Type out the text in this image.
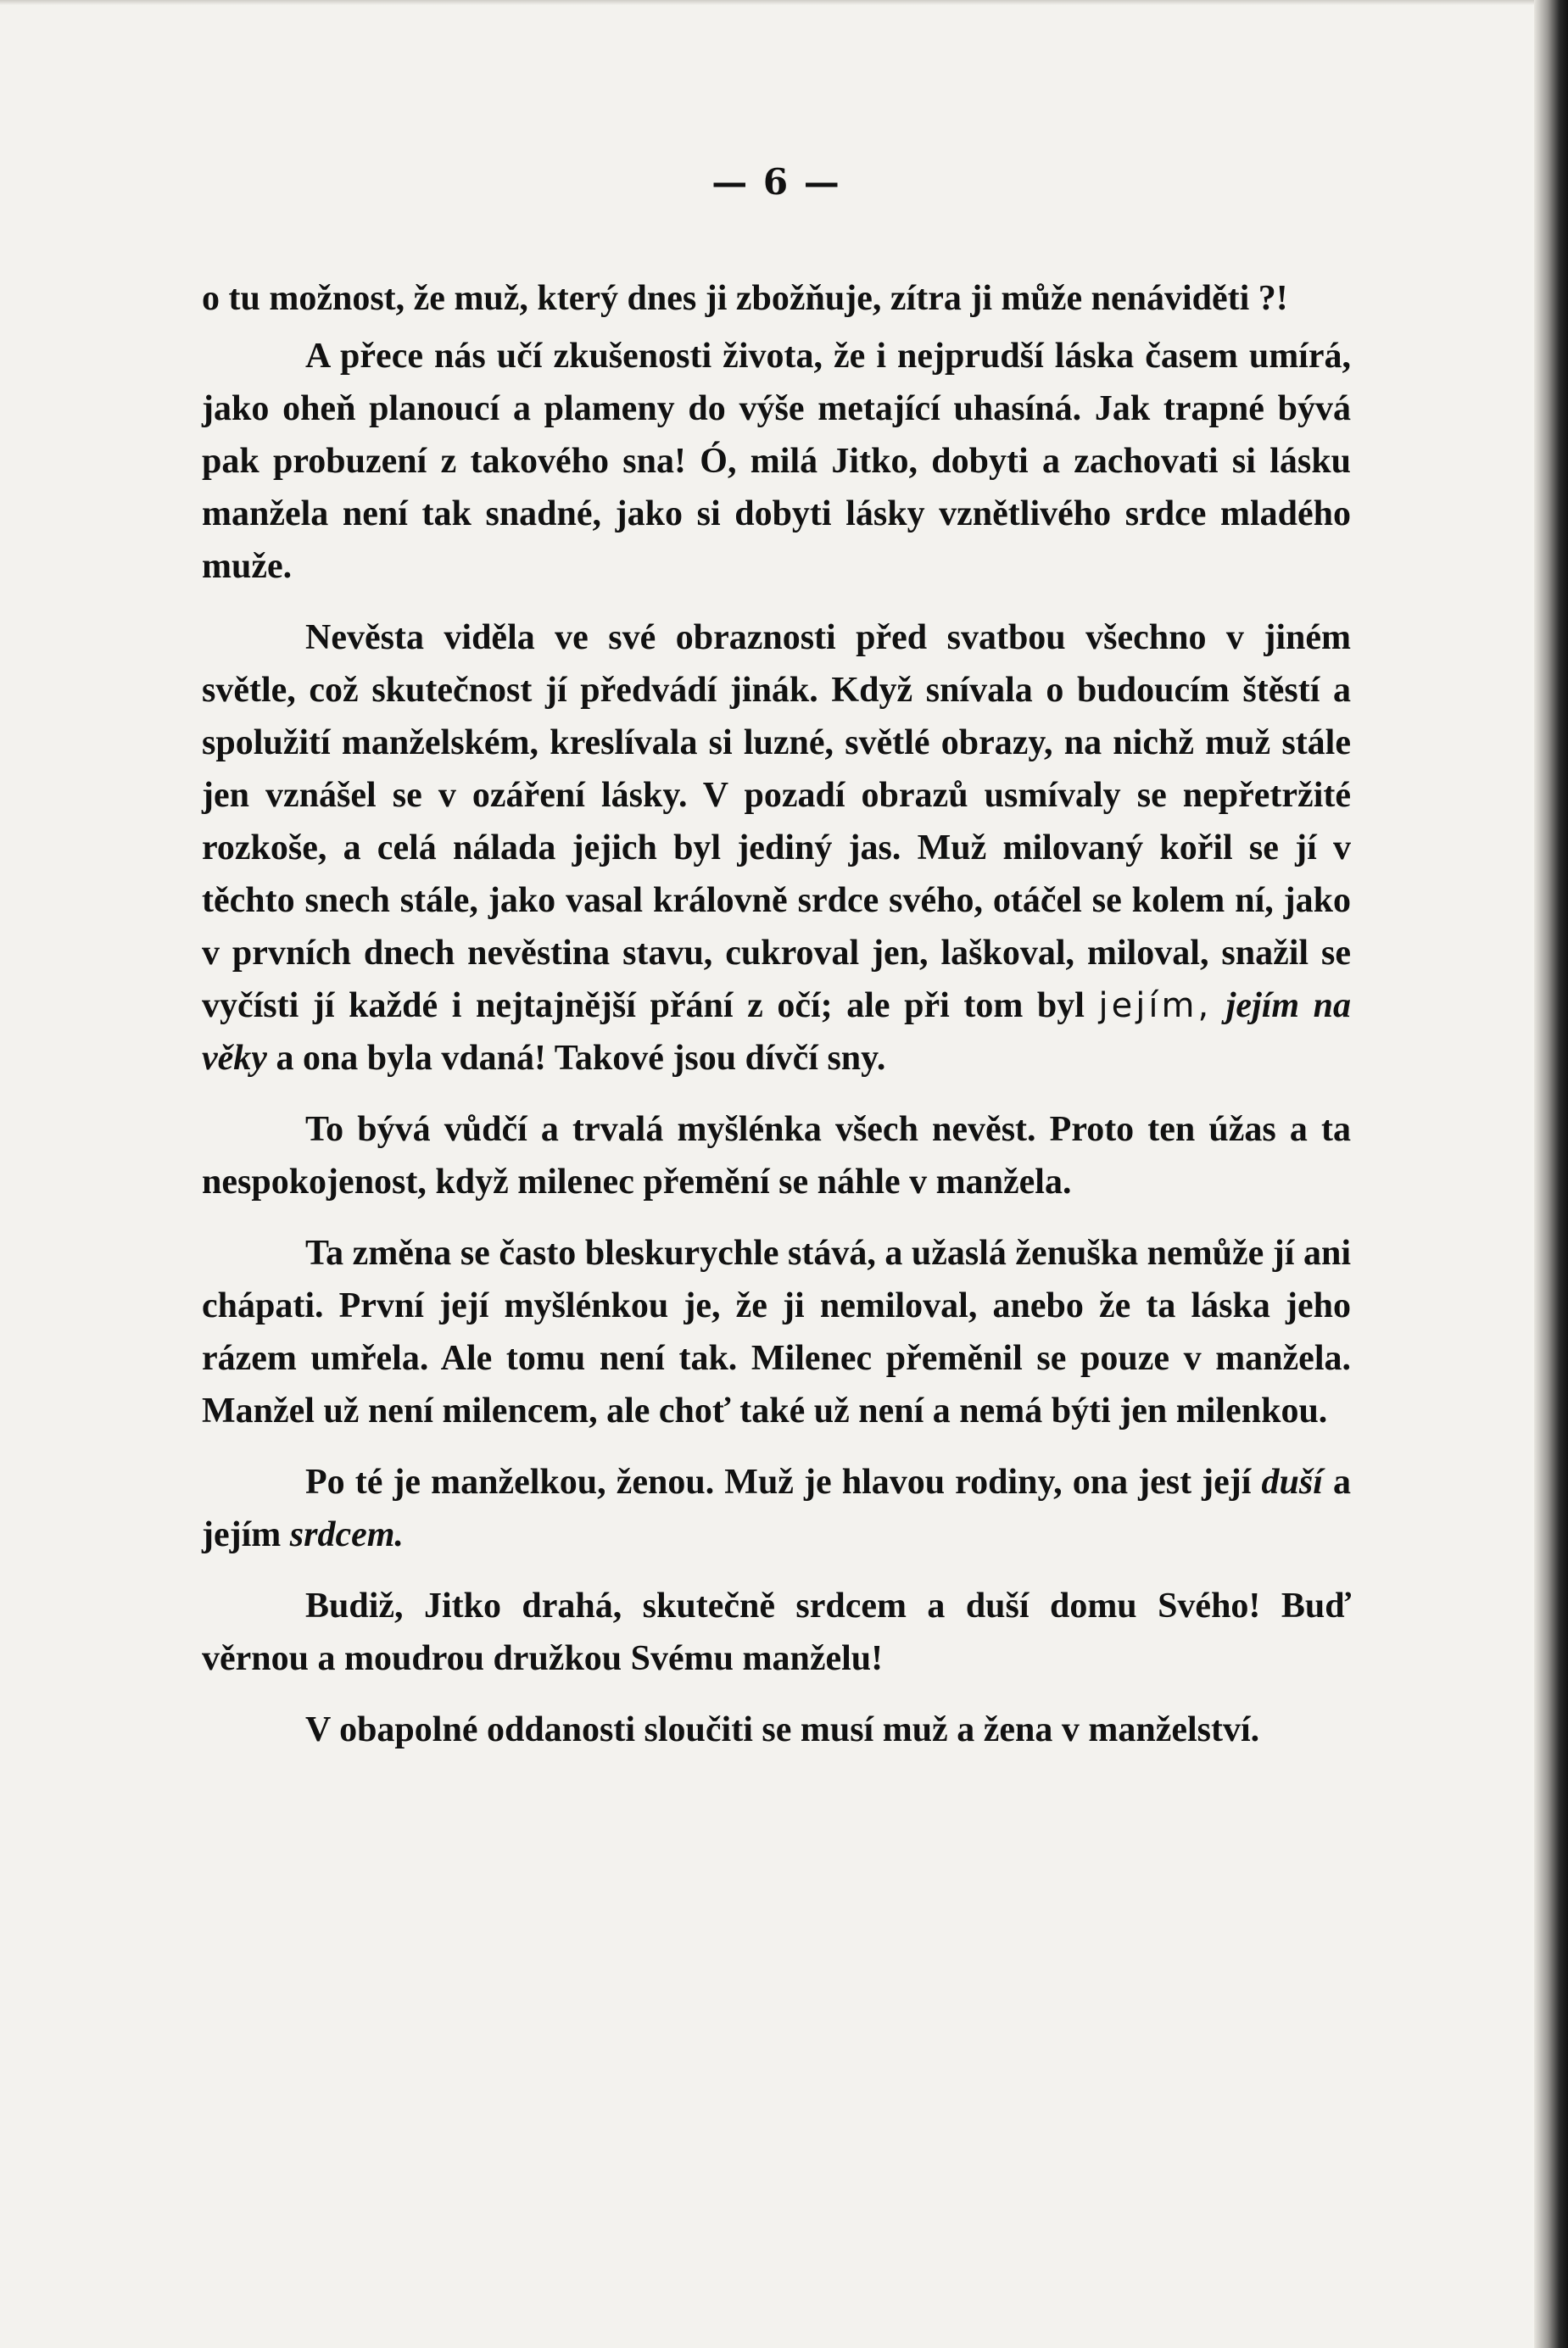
— 6 —

o tu možnost, že muž, který dnes ji zbožňuje, zítra ji může nenáviděti ?!

A přece nás učí zkušenosti života, že i nejprudší láska časem umírá, jako oheň planoucí a plameny do výše metající uhasíná. Jak trapné bývá pak probuzení z takového sna! Ó, milá Jitko, dobyti a zachovati si lásku manžela není tak snadné, jako si dobyti lásky vznětlivého srdce mladého muže.

Nevěsta viděla ve své obraznosti před svatbou všechno v jiném světle, což skutečnost jí předvádí jinák. Když snívala o budoucím štěstí a spolužití manželském, kreslívala si luzné, světlé obrazy, na nichž muž stále jen vznášel se v ozáření lásky. V pozadí obrazů usmívaly se nepřetržité rozkoše, a celá nálada jejich byl jediný jas. Muž milovaný kořil se jí v těchto snech stále, jako vasal královně srdce svého, otáčel se kolem ní, jako v prvních dnech nevěstina stavu, cukroval jen, laškoval, miloval, snažil se vyčísti jí každé i nejtajnější přání z očí; ale při tom byl jejím, jejím na věky a ona byla vdaná! Takové jsou dívčí sny.

To bývá vůdčí a trvalá myšlénka všech nevěst. Proto ten úžas a ta nespokojenost, když milenec přemění se náhle v manžela.

Ta změna se často bleskurychle stává, a užaslá ženuška nemůže jí ani chápati. První její myšlénkou je, že ji nemiloval, anebo že ta láska jeho rázem umřela. Ale tomu není tak. Milenec přeměnil se pouze v manžela. Manžel už není milencem, ale choť také už není a nemá býti jen milenkou.

Po té je manželkou, ženou. Muž je hlavou rodiny, ona jest její duší a jejím srdcem.

Budiž, Jitko drahá, skutečně srdcem a duší domu Svého! Buď věrnou a moudrou družkou Svému manželu!

V obapolné oddanosti sloučiti se musí muž a žena v manželství.
